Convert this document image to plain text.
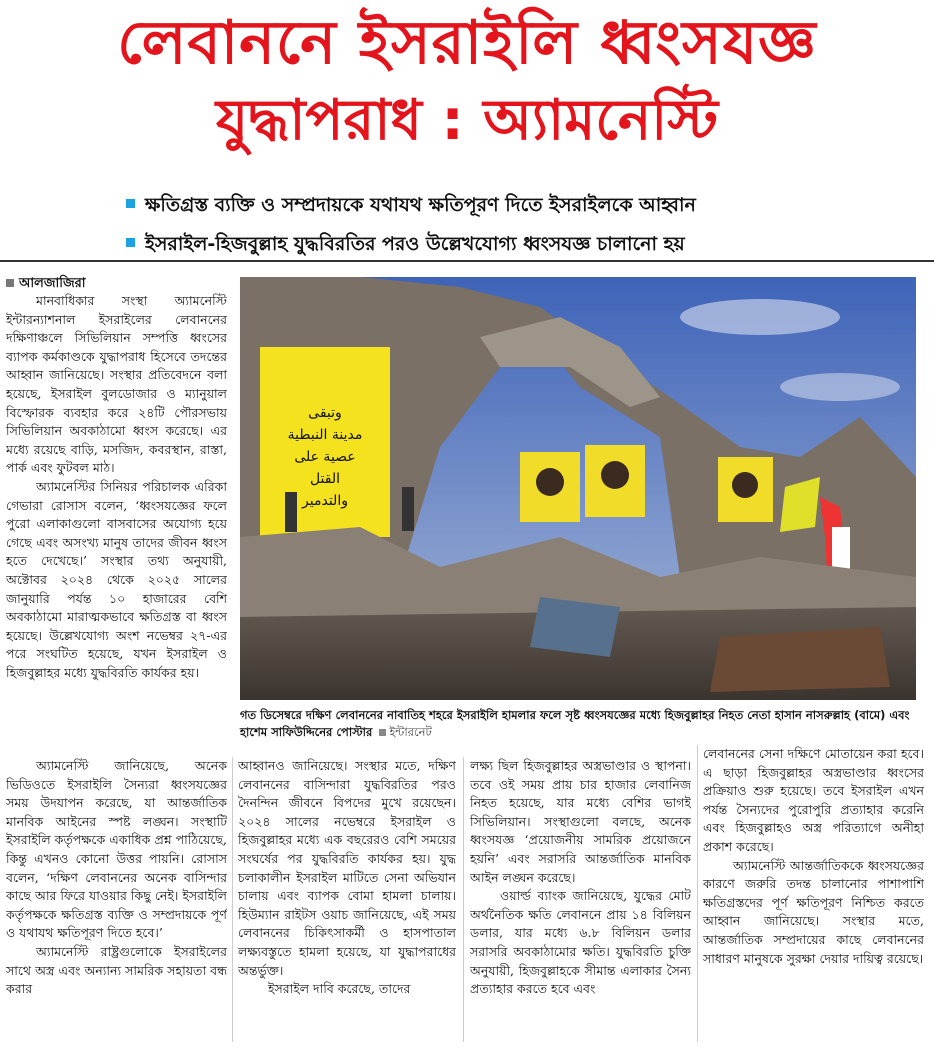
লেবাননে ইসরাইলি ধ্বংসযজ্ঞ
যুদ্ধাপরাধ : অ্যামনেস্টি
ক্ষতিগ্রস্ত ব্যক্তি ও সম্প্রদায়কে যথাযথ ক্ষতিপূরণ দিতে ইসরাইলকে আহ্বান
ইসরাইল-হিজবুল্লাহ যুদ্ধবিরতির পরও উল্লেখযোগ্য ধ্বংসযজ্ঞ চালানো হয়
আলজাজিরা

মানবাধিকার সংস্থা অ্যামনেস্টি ইন্টারন্যাশনাল ইসরাইলের লেবাননের দক্ষিণাঞ্চলে সিভিলিয়ান সম্পত্তি ধ্বংসের ব্যাপক কর্মকাণ্ডকে যুদ্ধাপরাধ হিসেবে তদন্তের আহ্বান জানিয়েছে। সংস্থার প্রতিবেদনে বলা হয়েছে, ইসরাইল বুলডোজার ও ম্যানুয়াল বিস্ফোরক ব্যবহার করে ২৪টি পৌরসভায় সিভিলিয়ান অবকাঠামো ধ্বংস করেছে। এর মধ্যে রয়েছে বাড়ি, মসজিদ, কবরস্থান, রাস্তা, পার্ক এবং ফুটবল মাঠ।

অ্যামনেস্টির সিনিয়র পরিচালক এরিকা গেভারা রোসাস বলেন, ‘ধ্বংসযজ্ঞের ফলে পুরো এলাকাগুলো বাসবাসের অযোগ্য হয়ে গেছে এবং অসংখ্য মানুষ তাদের জীবন ধ্বংস হতে দেখেছে।’ সংস্থার তথ্য অনুযায়ী, অক্টোবর ২০২৪ থেকে ২০২৫ সালের জানুয়ারি পর্যন্ত ১০ হাজারের বেশি অবকাঠামো মারাত্মকভাবে ক্ষতিগ্রস্ত বা ধ্বংস হয়েছে। উল্লেখযোগ্য অংশ নভেম্বর ২৭-এর পরে সংঘটিত হয়েছে, যখন ইসরাইল ও হিজবুল্লাহর মধ্যে যুদ্ধবিরতি কার্যকর হয়।

وتبقى
مدينة النبطية
عصية على
القتل
والتدمير
গত ডিসেম্বরে দক্ষিণ লেবাননের নাবাতিহ শহরে ইসরাইলি হামলার ফলে সৃষ্ট ধ্বংসযজ্ঞের মধ্যে হিজবুল্লাহর নিহত নেতা হাসান নাসরুল্লাহ (বামে) এবং হাশেম সাফিউদ্দিনের পোস্টার ইন্টারনেট

অ্যামনেস্টি জানিয়েছে, অনেক ভিডিওতে ইসরাইলি সৈন্যরা ধ্বংসযজ্ঞের সময় উদযাপন করেছে, যা আন্তর্জাতিক মানবিক আইনের স্পষ্ট লঙ্ঘন। সংস্থাটি ইসরাইলি কর্তৃপক্ষকে একাধিক প্রশ্ন পাঠিয়েছে, কিন্তু এখনও কোনো উত্তর পায়নি। রোসাস বলেন, ‘দক্ষিণ লেবাননের অনেক বাসিন্দার কাছে আর ফিরে যাওয়ার কিছু নেই। ইসরাইলি কর্তৃপক্ষকে ক্ষতিগ্রস্ত ব্যক্তি ও সম্প্রদায়কে পূর্ণ ও যথাযথ ক্ষতিপূরণ দিতে হবে।’

অ্যামনেস্টি রাষ্ট্রগুলোকে ইসরাইলের সাথে অস্ত্র এবং অন্যান্য সামরিক সহায়তা বন্ধ করার

আহ্বানও জানিয়েছে। সংস্থার মতে, দক্ষিণ লেবাননের বাসিন্দারা যুদ্ধবিরতির পরও দৈনন্দিন জীবনে বিপদের মুখে রয়েছেন। ২০২৪ সালের নভেম্বরে ইসরাইল ও হিজবুল্লাহর মধ্যে এক বছরেরও বেশি সময়ের সংঘর্ষের পর যুদ্ধবিরতি কার্যকর হয়। যুদ্ধ চলাকালীন ইসরাইল মাটিতে সেনা অভিযান চালায় এবং ব্যাপক বোমা হামলা চালায়। হিউম্যান রাইটস ওয়াচ জানিয়েছে, এই সময় লেবাননের চিকিৎসাকর্মী ও হাসপাতাল লক্ষ্যবস্তুতে হামলা হয়েছে, যা যুদ্ধাপরাধের অন্তর্ভুক্ত।

ইসরাইল দাবি করেছে, তাদের

লক্ষ্য ছিল হিজবুল্লাহর অস্ত্রভাণ্ডার ও স্থাপনা। তবে ওই সময় প্রায় চার হাজার লেবানিজ নিহত হয়েছে, যার মধ্যে বেশির ভাগই সিভিলিয়ান। সংস্থাগুলো বলছে, অনেক ধ্বংসযজ্ঞ ‘প্রয়োজনীয় সামরিক প্রয়োজনে হয়নি’ এবং সরাসরি আন্তর্জাতিক মানবিক আইন লঙ্ঘন করেছে।

ওয়ার্ল্ড ব্যাংক জানিয়েছে, যুদ্ধের মোট অর্থনৈতিক ক্ষতি লেবাননে প্রায় ১৪ বিলিয়ন ডলার, যার মধ্যে ৬.৮ বিলিয়ন ডলার সরাসরি অবকাঠামোর ক্ষতি। যুদ্ধবিরতি চুক্তি অনুযায়ী, হিজবুল্লাহকে সীমান্ত এলাকার সৈন্য প্রত্যাহার করতে হবে এবং

লেবাননের সেনা দক্ষিণে মোতায়েন করা হবে। এ ছাড়া হিজবুল্লাহর অস্ত্রভাণ্ডার ধ্বংসের প্রক্রিয়াও শুরু হয়েছে। তবে ইসরাইল এখন পর্যন্ত সৈন্যদের পুরোপুরি প্রত্যাহার করেনি এবং হিজবুল্লাহও অস্ত্র পরিত্যাগে অনীহা প্রকাশ করেছে।

অ্যামনেস্টি আন্তর্জাতিককে ধ্বংসযজ্ঞের কারণে জরুরি তদন্ত চালানোর পাশাপাশি ক্ষতিগ্রস্তদের পূর্ণ ক্ষতিপূরণ নিশ্চিত করতে আহ্বান জানিয়েছে। সংস্থার মতে, আন্তর্জাতিক সম্প্রদায়ের কাছে লেবাননের সাধারণ মানুষকে সুরক্ষা দেয়ার দায়িত্ব রয়েছে।
